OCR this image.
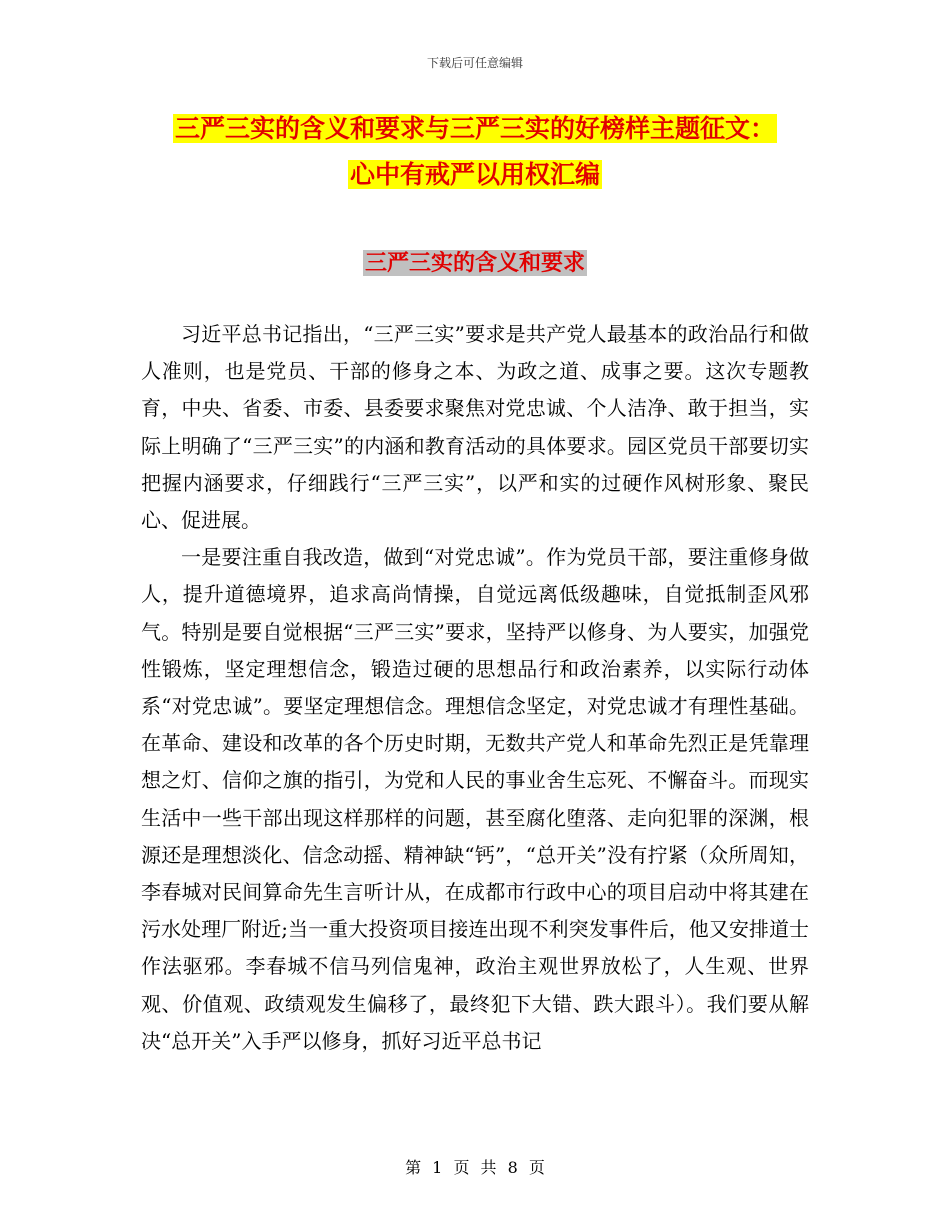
下载后可任意编辑
三严三实的含义和要求与三严三实的好榜样主题征文：
心中有戒严以用权汇编
三严三实的含义和要求

习近平总书记指出，“三严三实”要求是共产党人最基本的政治品行和做人准则，也是党员、干部的修身之本、为政之道、成事之要。这次专题教育，中央、省委、市委、县委要求聚焦对党忠诚、个人洁净、敢于担当，实际上明确了“三严三实”的内涵和教育活动的具体要求。园区党员干部要切实把握内涵要求，仔细践行“三严三实”，以严和实的过硬作风树形象、聚民心、促进展。

一是要注重自我改造，做到“对党忠诚”。作为党员干部，要注重修身做人，提升道德境界，追求高尚情操，自觉远离低级趣味，自觉抵制歪风邪气。特别是要自觉根据“三严三实”要求，坚持严以修身、为人要实，加强党性锻炼，坚定理想信念，锻造过硬的思想品行和政治素养，以实际行动体系“对党忠诚”。要坚定理想信念。理想信念坚定，对党忠诚才有理性基础。在革命、建设和改革的各个历史时期，无数共产党人和革命先烈正是凭靠理想之灯、信仰之旗的指引，为党和人民的事业舍生忘死、不懈奋斗。而现实生活中一些干部出现这样那样的问题，甚至腐化堕落、走向犯罪的深渊，根源还是理想淡化、信念动摇、精神缺“钙”，“总开关”没有拧紧（众所周知，李春城对民间算命先生言听计从，在成都市行政中心的项目启动中将其建在污水处理厂附近;当一重大投资项目接连出现不利突发事件后，他又安排道士作法驱邪。李春城不信马列信鬼神，政治主观世界放松了，人生观、世界观、价值观、政绩观发生偏移了，最终犯下大错、跌大跟斗）。我们要从解决“总开关”入手严以修身，抓好习近平总书记

第 1 页 共 8 页
